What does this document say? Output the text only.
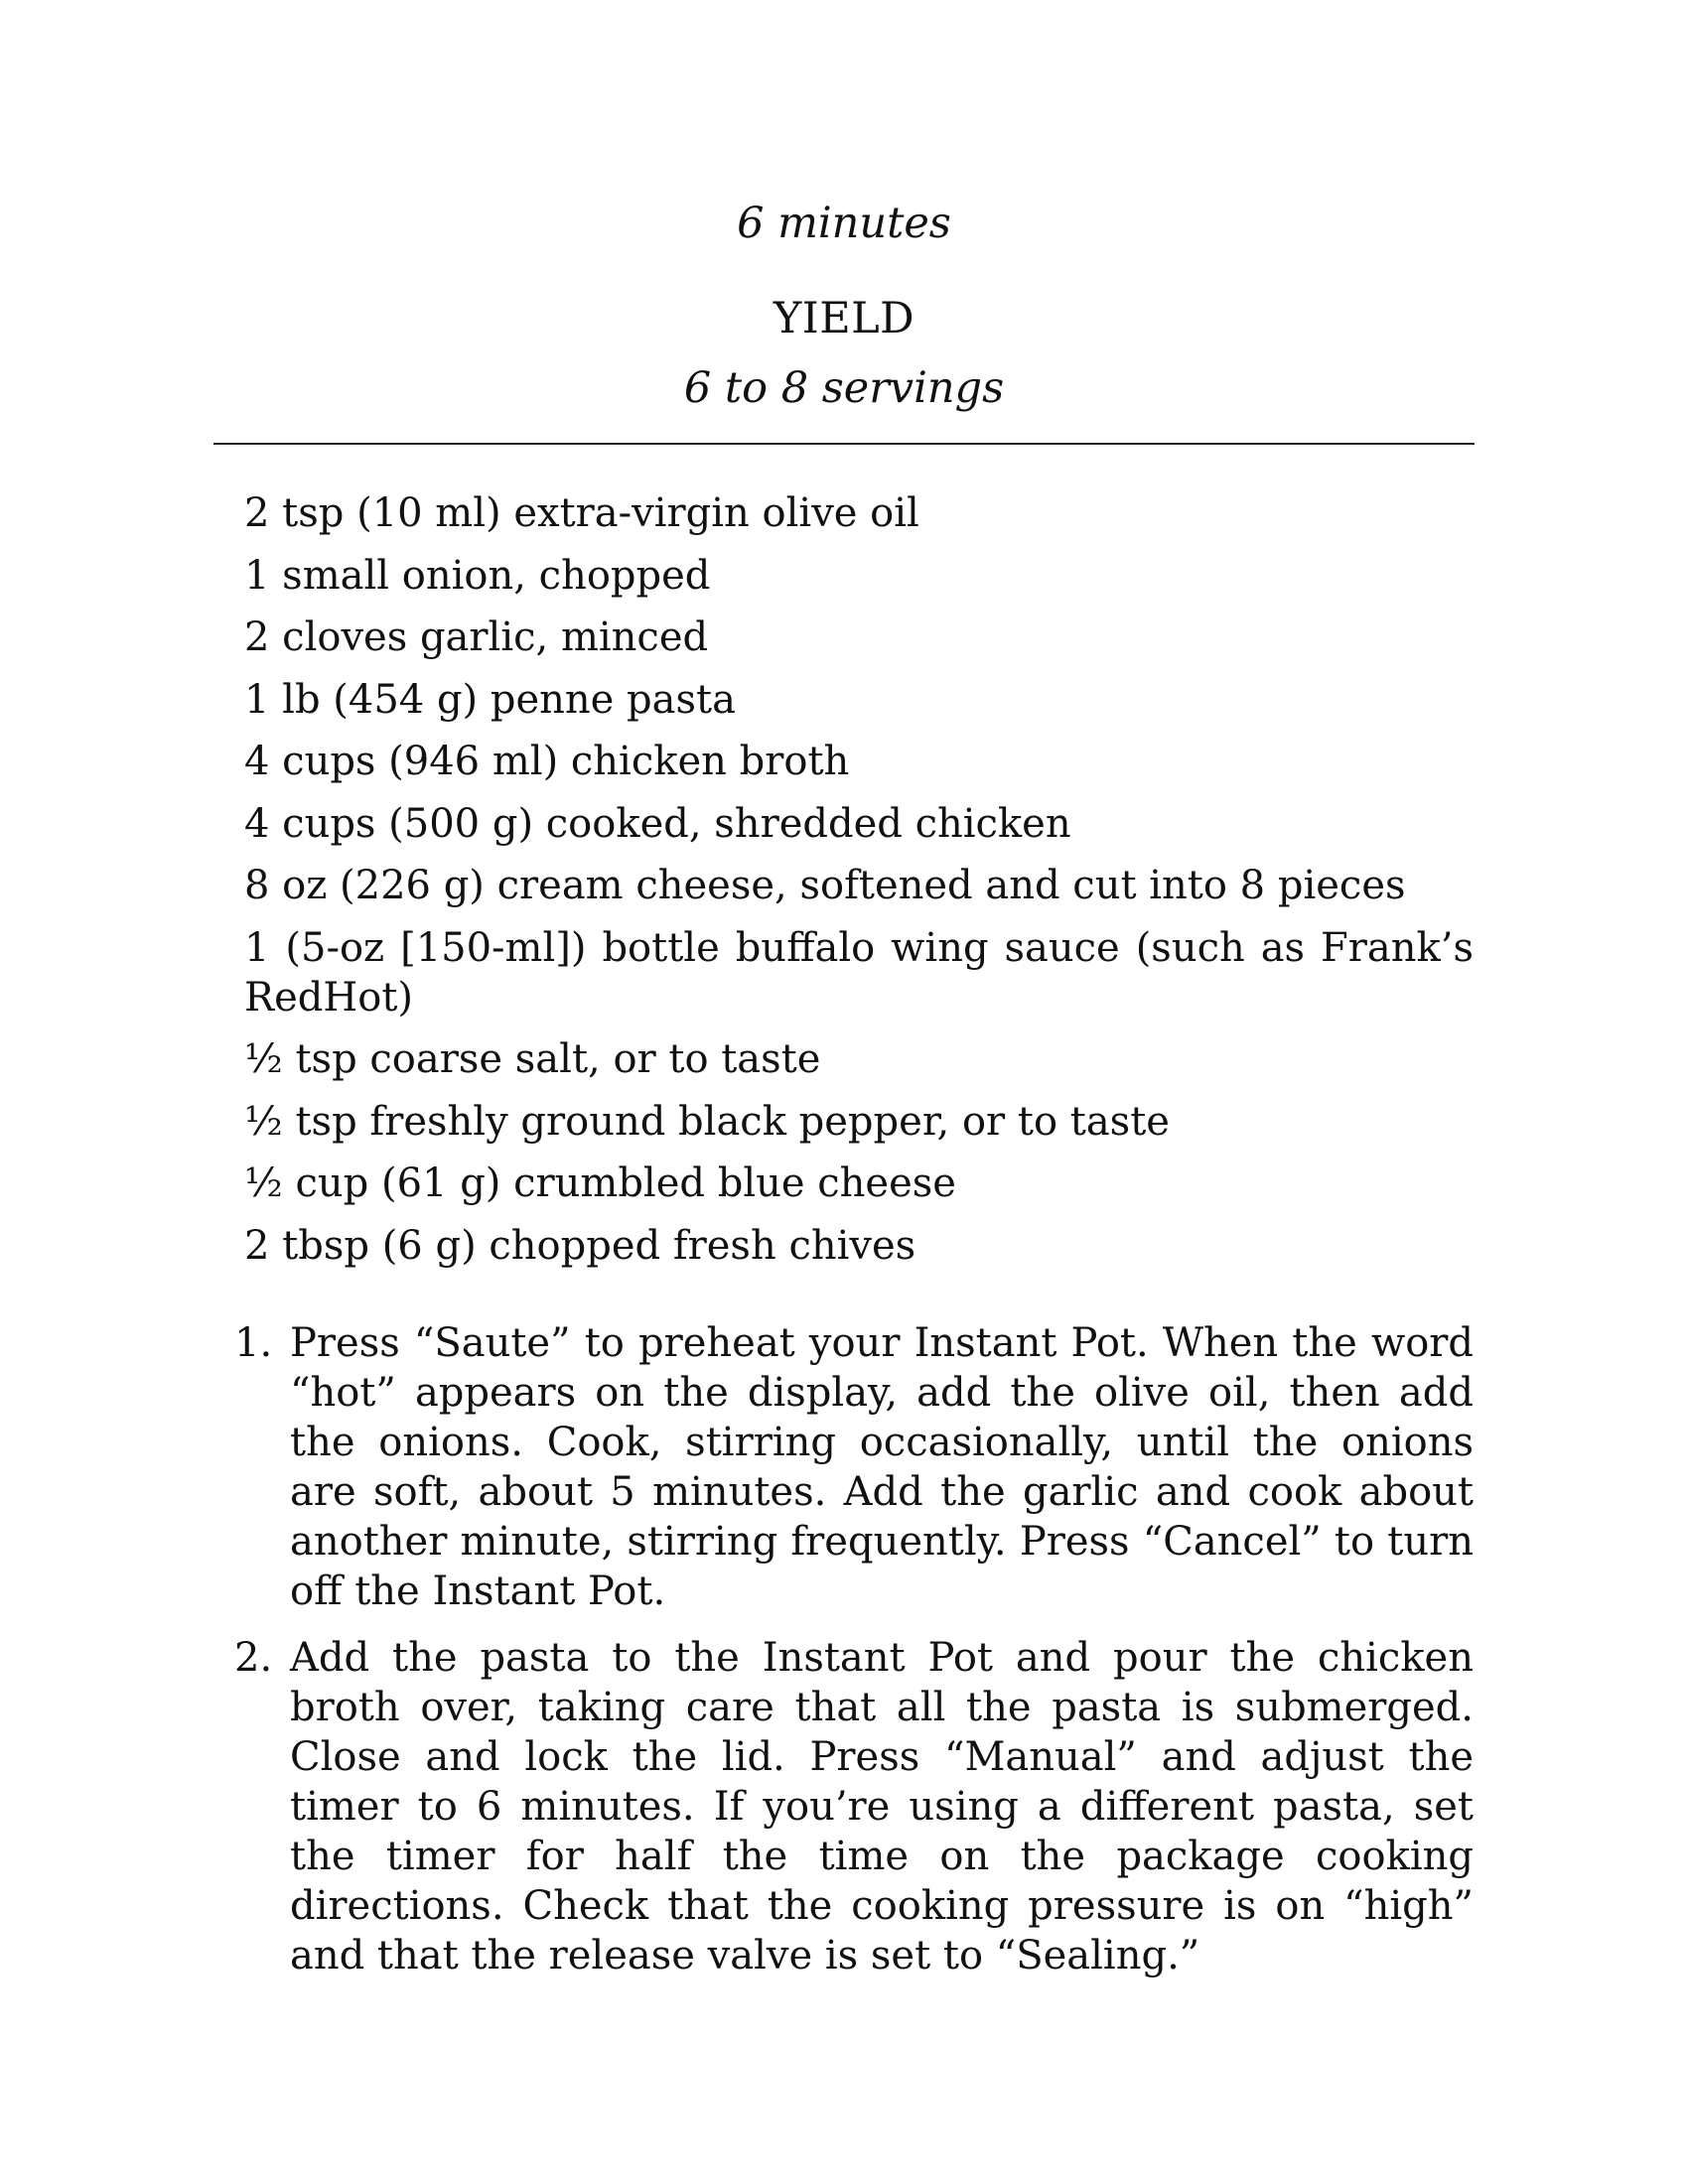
6 minutes
YIELD
6 to 8 servings
2 tsp (10 ml) extra-virgin olive oil
1 small onion, chopped
2 cloves garlic, minced
1 lb (454 g) penne pasta
4 cups (946 ml) chicken broth
4 cups (500 g) cooked, shredded chicken
8 oz (226 g) cream cheese, softened and cut into 8 pieces
1 (5-oz [150-ml]) bottle buffalo wing sauce (such as Frank’s RedHot)
½ tsp coarse salt, or to taste
½ tsp freshly ground black pepper, or to taste
½ cup (61 g) crumbled blue cheese
2 tbsp (6 g) chopped fresh chives
1. Press “Saute” to preheat your Instant Pot. When the word “hot” appears on the display, add the olive oil, then add the onions. Cook, stirring occasionally, until the onions are soft, about 5 minutes. Add the garlic and cook about another minute, stirring frequently. Press “Cancel” to turn off the Instant Pot.
2. Add the pasta to the Instant Pot and pour the chicken broth over, taking care that all the pasta is submerged. Close and lock the lid. Press “Manual” and adjust the timer to 6 minutes. If you’re using a different pasta, set the timer for half the time on the package cooking directions. Check that the cooking pressure is on “high” and that the release valve is set to “Sealing.”
